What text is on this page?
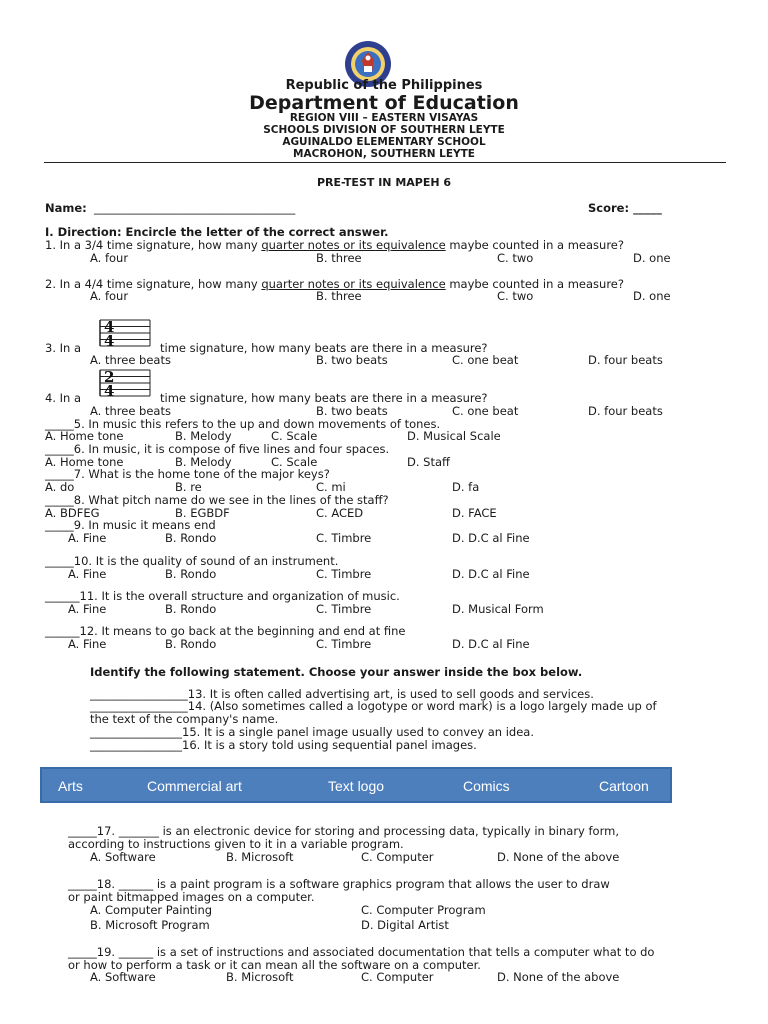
Republic of the Philippines
Department of Education
REGION VIII – EASTERN VISAYAS
SCHOOLS DIVISION OF SOUTHERN LEYTE
AGUINALDO ELEMENTARY SCHOOL
MACROHON, SOUTHERN LEYTE
PRE-TEST IN MAPEH 6
Name: ___________________________________	Score: _____
I. Direction: Encircle the letter of the correct answer.
1. In a 3/4 time signature, how many quarter notes or its equivalence maybe counted in a measure?
A. four	B. three	C. two	D. one
2. In a 4/4 time signature, how many quarter notes or its equivalence maybe counted in a measure?
A. four	B. three	C. two	D. one
4
4
3. In a	time signature, how many beats are there in a measure?
A. three beats	B. two beats	C. one beat	D. four beats
2
4
4. In a	time signature, how many beats are there in a measure?
A. three beats	B. two beats	C. one beat	D. four beats
_____5. In music this refers to the up and down movements of tones.
A. Home tone	B. Melody	C. Scale	D. Musical Scale
_____6. In music, it is compose of five lines and four spaces.
A. Home tone	B. Melody	C. Scale	D. Staff
_____7. What is the home tone of the major keys?
A. do	B. re	C. mi	D. fa
_____8. What pitch name do we see in the lines of the staff?
A. BDFEG	B. EGBDF	C. ACED	D. FACE
_____9. In music it means end
A. Fine	B. Rondo	C. Timbre	D. D.C al Fine
_____10. It is the quality of sound of an instrument.
A. Fine	B. Rondo	C. Timbre	D. D.C al Fine
______11. It is the overall structure and organization of music.
A. Fine	B. Rondo	C. Timbre	D. Musical Form
______12. It means to go back at the beginning and end at fine
A. Fine	B. Rondo	C. Timbre	D. D.C al Fine
Identify the following statement. Choose your answer inside the box below.
_________________13. It is often called advertising art, is used to sell goods and services.
_________________14. (Also sometimes called a logotype or word mark) is a logo largely made up of
the text of the company's name.
________________15. It is a single panel image usually used to convey an idea.
________________16. It is a story told using sequential panel images.
Arts	Commercial art	Text logo	Comics	Cartoon
_____17. _______ is an electronic device for storing and processing data, typically in binary form,
according to instructions given to it in a variable program.
A. Software	B. Microsoft	C. Computer	D. None of the above
_____18. ______ is a paint program is a software graphics program that allows the user to draw
or paint bitmapped images on a computer.
A. Computer Painting	C. Computer Program
B. Microsoft Program	D. Digital Artist
_____19. ______ is a set of instructions and associated documentation that tells a computer what to do
or how to perform a task or it can mean all the software on a computer.
A. Software	B. Microsoft	C. Computer	D. None of the above
